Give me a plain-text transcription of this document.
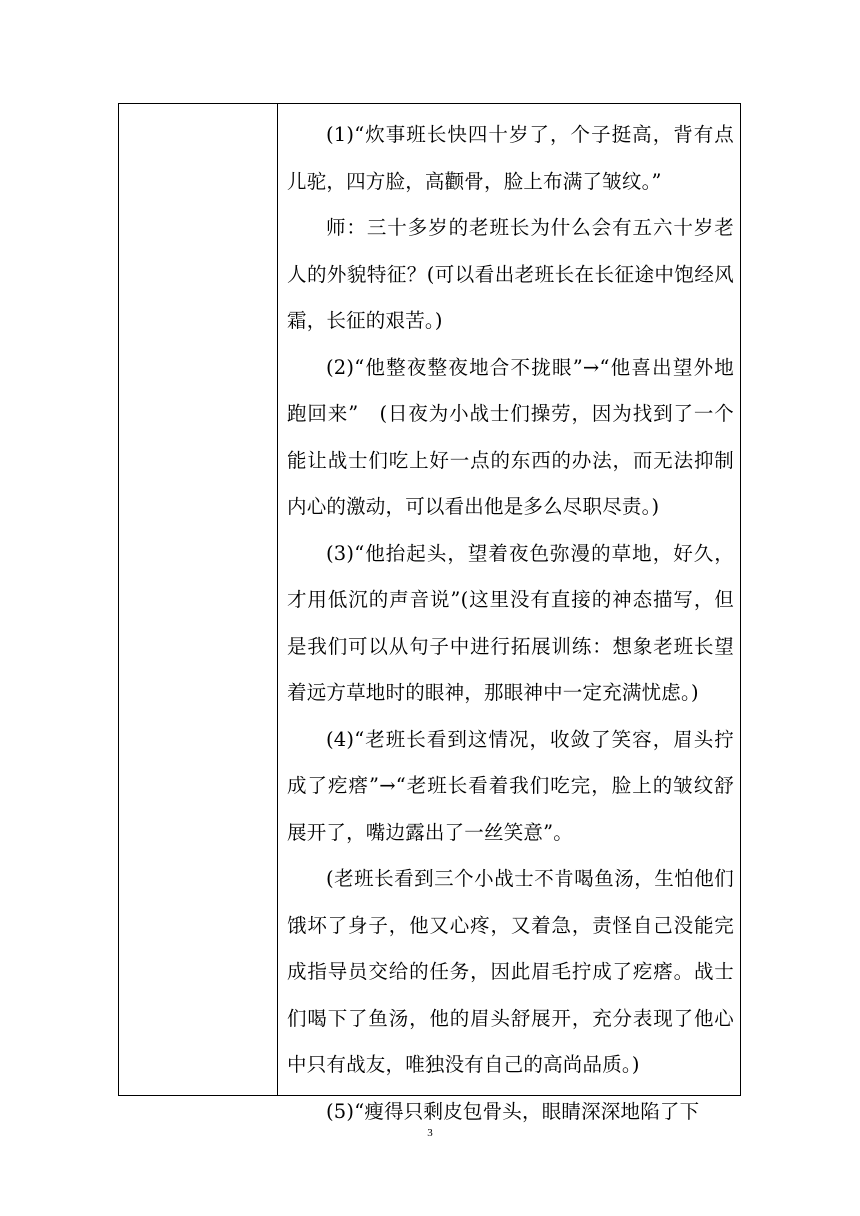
(1)“炊事班长快四十岁了，个子挺高，背有点儿驼，四方脸，高颧骨，脸上布满了皱纹。”

师：三十多岁的老班长为什么会有五六十岁老人的外貌特征？(可以看出老班长在长征途中饱经风霜，长征的艰苦。)

(2)“他整夜整夜地合不拢眼”→“他喜出望外地跑回来”　(日夜为小战士们操劳，因为找到了一个能让战士们吃上好一点的东西的办法，而无法抑制内心的激动，可以看出他是多么尽职尽责。)

(3)“他抬起头，望着夜色弥漫的草地，好久，才用低沉的声音说”(这里没有直接的神态描写，但是我们可以从句子中进行拓展训练：想象老班长望着远方草地时的眼神，那眼神中一定充满忧虑。)

(4)“老班长看到这情况，收敛了笑容，眉头拧成了疙瘩”→“老班长看着我们吃完，脸上的皱纹舒展开了，嘴边露出了一丝笑意”。

(老班长看到三个小战士不肯喝鱼汤，生怕他们饿坏了身子，他又心疼，又着急，责怪自己没能完成指导员交给的任务，因此眉毛拧成了疙瘩。战士们喝下了鱼汤，他的眉头舒展开，充分表现了他心中只有战友，唯独没有自己的高尚品质。)

(5)“瘦得只剩皮包骨头，眼睛深深地陷了下

3
